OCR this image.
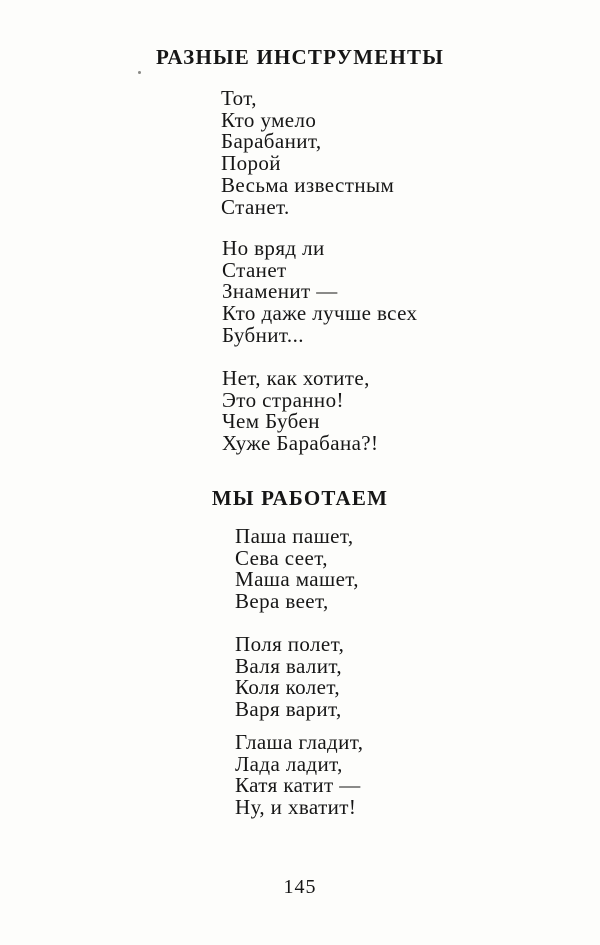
РАЗНЫЕ ИНСТРУМЕНТЫ
Тот,
Кто умело
Барабанит,
Порой
Весьма известным
Станет.
Но вряд ли
Станет
Знаменит —
Кто даже лучше всех
Бубнит...
Нет, как хотите,
Это странно!
Чем Бубен
Хуже Барабана?!
МЫ РАБОТАЕМ
Паша пашет,
Сева сеет,
Маша машет,
Вера веет,
Поля полет,
Валя валит,
Коля колет,
Варя варит,
Глаша гладит,
Лада ладит,
Катя катит —
Ну, и хватит!
145
